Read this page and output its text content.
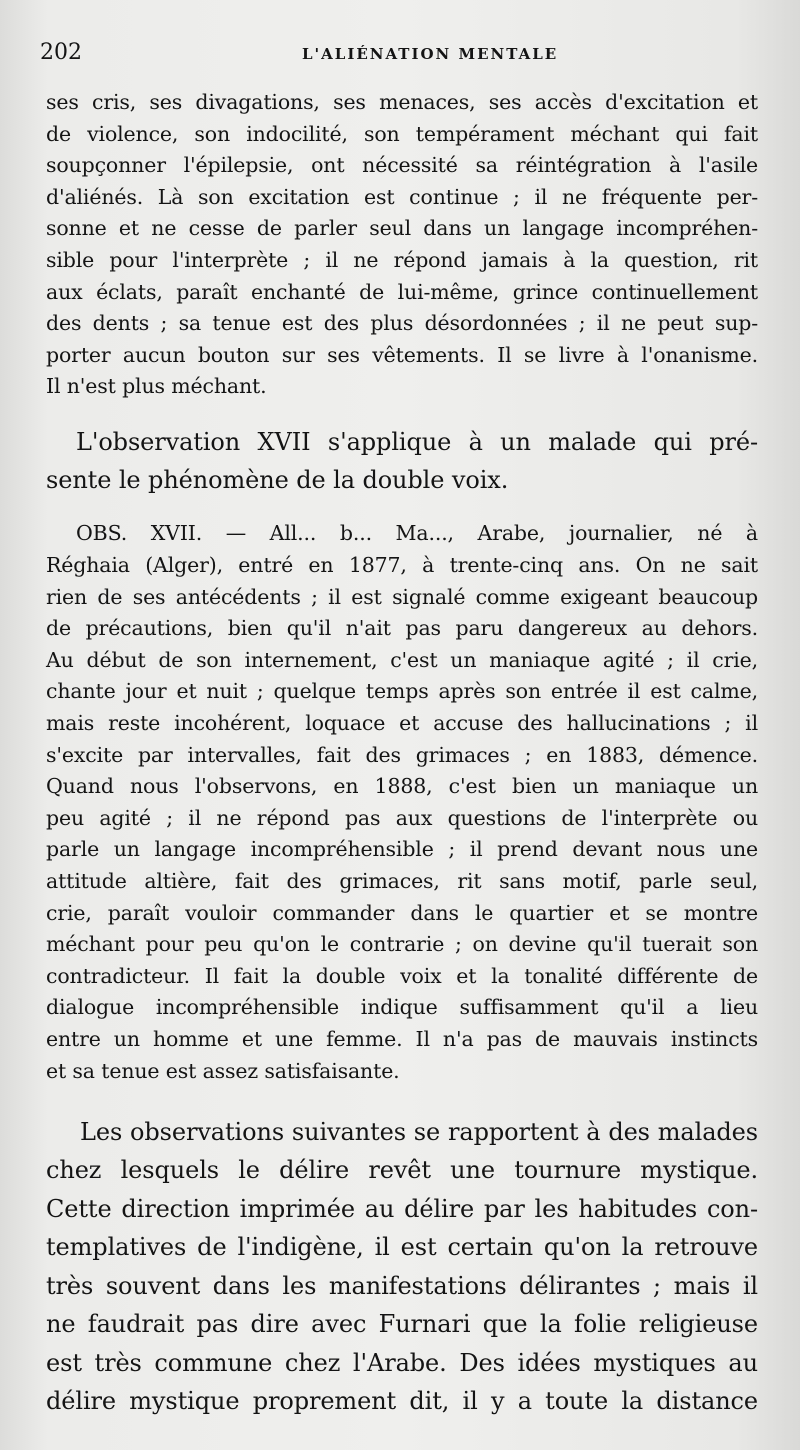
202	L'ALIÉNATION MENTALE
ses cris, ses divagations, ses menaces, ses accès d'excitation et
de violence, son indocilité, son tempérament méchant qui fait
soupçonner l'épilepsie, ont nécessité sa réintégration à l'asile
d'aliénés. Là son excitation est continue ; il ne fréquente per-
sonne et ne cesse de parler seul dans un langage incompréhen-
sible pour l'interprète ; il ne répond jamais à la question, rit
aux éclats, paraît enchanté de lui-même, grince continuellement
des dents ; sa tenue est des plus désordonnées ; il ne peut sup-
porter aucun bouton sur ses vêtements. Il se livre à l'onanisme.
Il n'est plus méchant.
L'observation XVII s'applique à un malade qui pré-
sente le phénomène de la double voix.
OBS. XVII. — All... b... Ma..., Arabe, journalier, né à
Réghaia (Alger), entré en 1877, à trente-cinq ans. On ne sait
rien de ses antécédents ; il est signalé comme exigeant beaucoup
de précautions, bien qu'il n'ait pas paru dangereux au dehors.
Au début de son internement, c'est un maniaque agité ; il crie,
chante jour et nuit ; quelque temps après son entrée il est calme,
mais reste incohérent, loquace et accuse des hallucinations ; il
s'excite par intervalles, fait des grimaces ; en 1883, démence.
Quand nous l'observons, en 1888, c'est bien un maniaque un
peu agité ; il ne répond pas aux questions de l'interprète ou
parle un langage incompréhensible ; il prend devant nous une
attitude altière, fait des grimaces, rit sans motif, parle seul,
crie, paraît vouloir commander dans le quartier et se montre
méchant pour peu qu'on le contrarie ; on devine qu'il tuerait son
contradicteur. Il fait la double voix et la tonalité différente de
dialogue incompréhensible indique suffisamment qu'il a lieu
entre un homme et une femme. Il n'a pas de mauvais instincts
et sa tenue est assez satisfaisante.
Les observations suivantes se rapportent à des malades
chez lesquels le délire revêt une tournure mystique.
Cette direction imprimée au délire par les habitudes con-
templatives de l'indigène, il est certain qu'on la retrouve
très souvent dans les manifestations délirantes ; mais il
ne faudrait pas dire avec Furnari que la folie religieuse
est très commune chez l'Arabe. Des idées mystiques au
délire mystique proprement dit, il y a toute la distance
